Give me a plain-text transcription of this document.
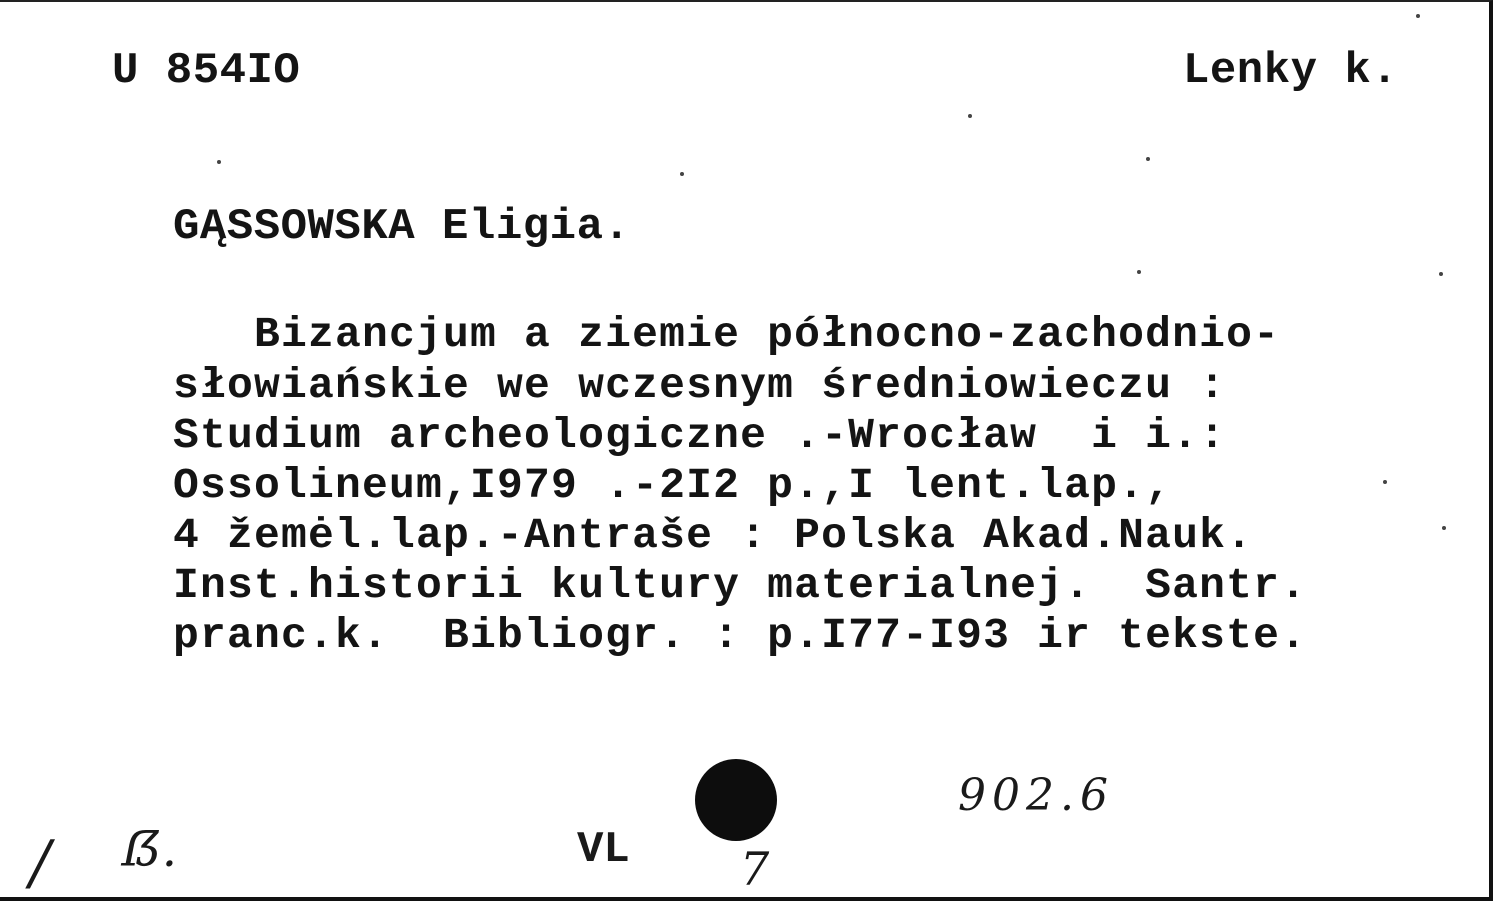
U 854IO	Lenky k.
GĄSSOWSKA Eligia.
Bizancjum a ziemie północno-zachodnio-
słowiańskie we wczesnym średniowieczu :
Studium archeologiczne .-Wrocław  i i.:
Ossolineum,I979 .-2I2 p.,I lent.lap.,
4 žemėl.lap.-Antraše : Polska Akad.Nauk.
Inst.historii kultury materialnej.  Santr.
pranc.k.  Bibliogr. : p.I77-I93 ir tekste.
902.6
VL
/ ẞ.	7
